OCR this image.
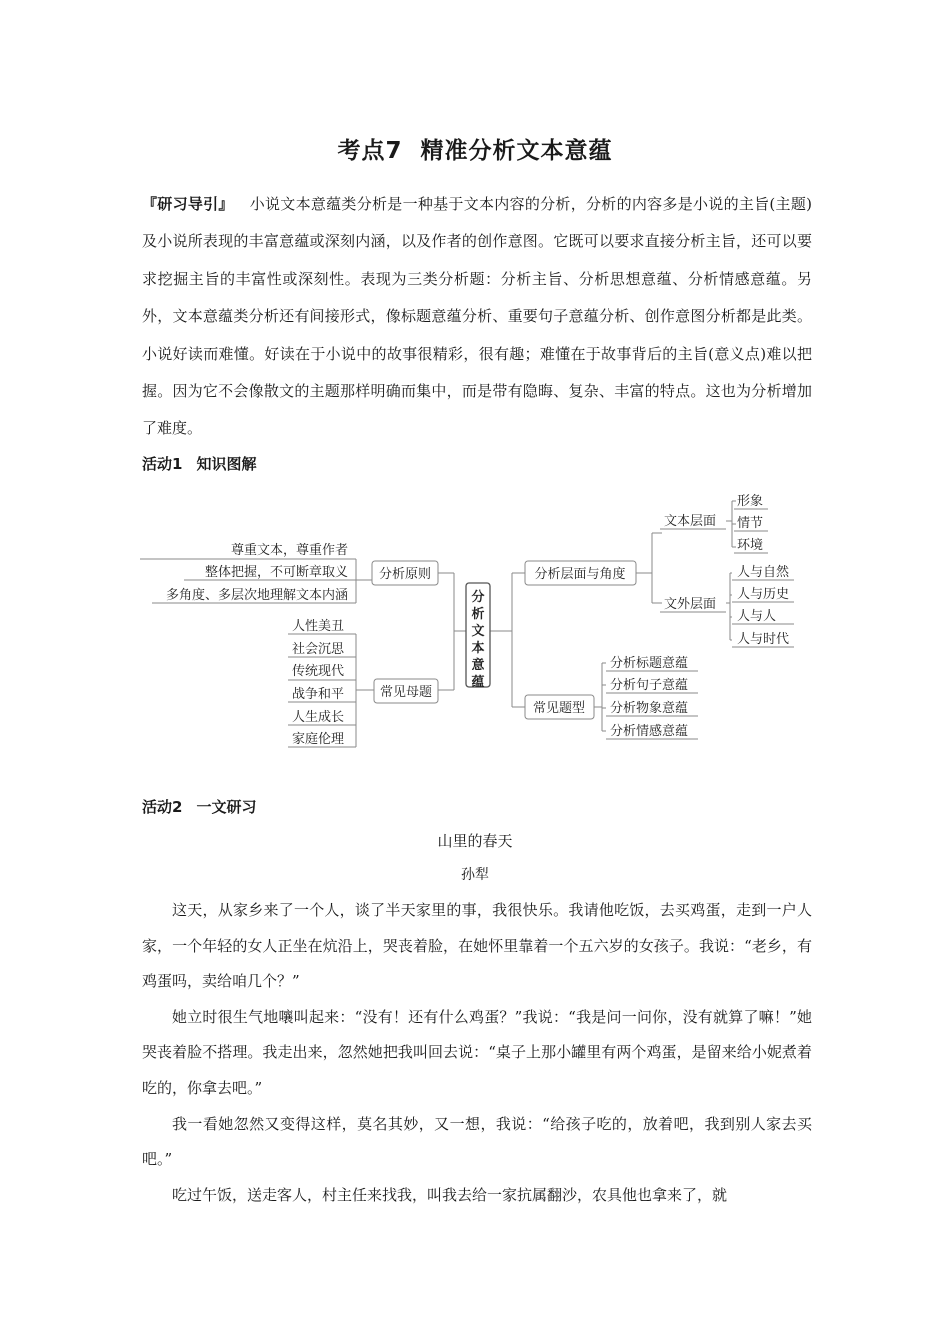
考点7 精准分析文本意蕴

『研习导引』 小说文本意蕴类分析是一种基于文本内容的分析，分析的内容多是小说的主旨(主题)及小说所表现的丰富意蕴或深刻内涵，以及作者的创作意图。它既可以要求直接分析主旨，还可以要求挖掘主旨的丰富性或深刻性。表现为三类分析题：分析主旨、分析思想意蕴、分析情感意蕴。另外，文本意蕴类分析还有间接形式，像标题意蕴分析、重要句子意蕴分析、创作意图分析都是此类。小说好读而难懂。好读在于小说中的故事很精彩，很有趣；难懂在于故事背后的主旨(意义点)难以把握。因为它不会像散文的主题那样明确而集中，而是带有隐晦、复杂、丰富的特点。这也为分析增加了难度。

活动1 知识图解

尊重文本，尊重作者
整体把握，不可断章取义
多角度、多层次地理解文本内涵
分析原则
人性美丑
社会沉思
传统现代
战争和平
人生成长
家庭伦理
常见母题
分析文本意蕴
分析层面与角度
文本层面
文外层面
形象
情节
环境
人与自然
人与历史
人与人
人与时代
常见题型
分析标题意蕴
分析句子意蕴
分析物象意蕴
分析情感意蕴

活动2 一文研习

山里的春天

孙犁

这天，从家乡来了一个人，谈了半天家里的事，我很快乐。我请他吃饭，去买鸡蛋，走到一户人家，一个年轻的女人正坐在炕沿上，哭丧着脸，在她怀里靠着一个五六岁的女孩子。我说：“老乡，有鸡蛋吗，卖给咱几个？”

她立时很生气地嚷叫起来：“没有！还有什么鸡蛋？”我说：“我是问一问你，没有就算了嘛！”她哭丧着脸不搭理。我走出来，忽然她把我叫回去说：“桌子上那小罐里有两个鸡蛋，是留来给小妮煮着吃的，你拿去吧。”

我一看她忽然又变得这样，莫名其妙，又一想，我说：“给孩子吃的，放着吧，我到别人家去买吧。”

吃过午饭，送走客人，村主任来找我，叫我去给一家抗属翻沙，农具他也拿来了，就
